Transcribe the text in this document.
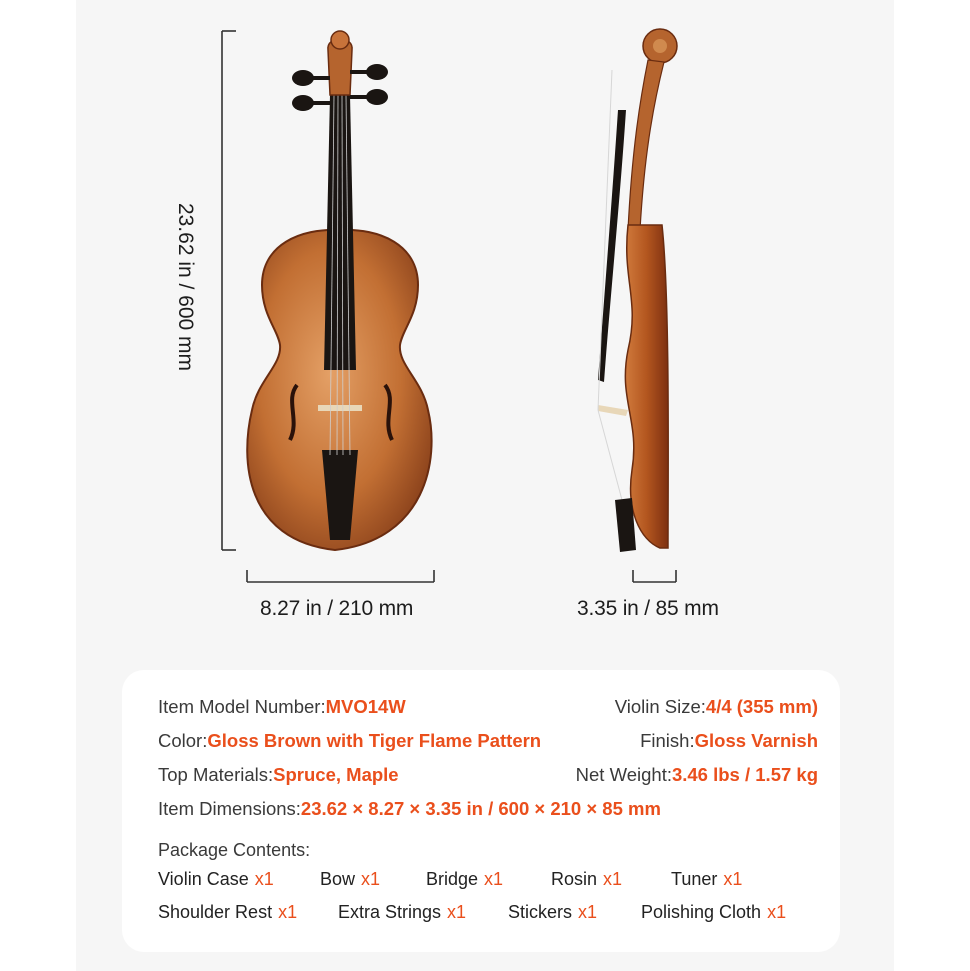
23.62 in / 600 mm
8.27 in / 210 mm	3.35 in / 85 mm
Item Model Number:MVO14W	Violin Size:4/4 (355 mm)
Color:Gloss Brown with Tiger Flame Pattern	Finish:Gloss Varnish
Top Materials:Spruce, Maple	Net Weight:3.46 lbs / 1.57 kg
Item Dimensions:23.62 × 8.27 × 3.35 in / 600 × 210 × 85 mm
Package Contents:
Violin Case x1	Bow x1	Bridge x1	Rosin x1	Tuner x1
Shoulder Rest x1 Extra Strings x1 Stickers x1 Polishing Cloth x1
